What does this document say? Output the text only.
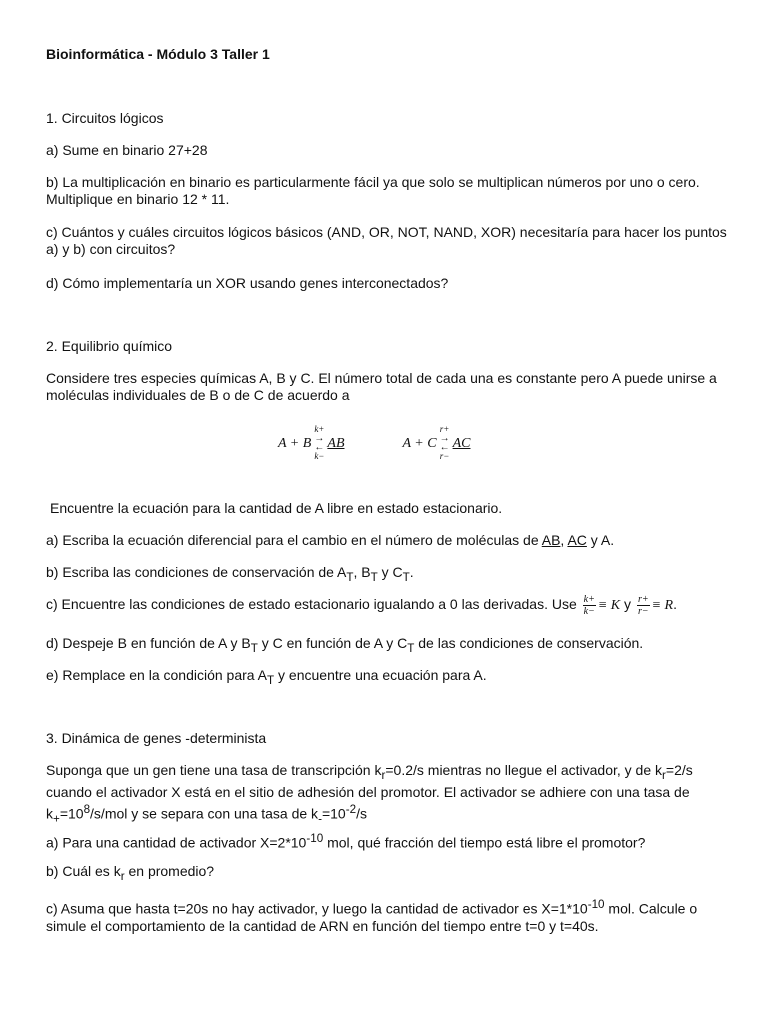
Bioinformática - Módulo 3 Taller 1

1. Circuitos lógicos

a) Sume en binario 27+28

b) La multiplicación en binario es particularmente fácil ya que solo se multiplican números por uno o cero. Multiplique en binario 12 * 11.

c) Cuántos y cuáles circuitos lógicos básicos (AND, OR, NOT, NAND, XOR) necesitaría para hacer los puntos a) y b) con circuitos?

d) Cómo implementaría un XOR usando genes interconectados?

2. Equilibrio químico

Considere tres especies químicas A, B y C. El número total de cada una es constante pero A puede unirse a moléculas individuales de B o de C de acuerdo a

A + B
k+
→
←
k−
AB	A + C
r+
→
←
r−
AC

Encuentre la ecuación para la cantidad de A libre en estado estacionario.

a) Escriba la ecuación diferencial para el cambio en el número de moléculas de AB, AC y A.

b) Escriba las condiciones de conservación de $A_T$, $B_T$ y $C_T$.

c) Encuentre las condiciones de estado estacionario igualando a 0 las derivadas. Use $\frac{k+}{k-} \equiv K$ y $\frac{r+}{r-} \equiv R$.

d) Despeje B en función de A y $B_T$ y C en función de A y $C_T$ de las condiciones de conservación.

e) Remplace en la condición para $A_T$ y encuentre una ecuación para A.

3. Dinámica de genes -determinista

Suponga que un gen tiene una tasa de transcripción $k_r=0.2/s$ mientras no llegue el activador, y de $k_r=2/s$ cuando el activador X está en el sitio de adhesión del promotor. El activador se adhiere con una tasa de $k_+=10^8/s$/mol y se separa con una tasa de $k_-=10^{-2}/s$

a) Para una cantidad de activador $X=2*10^{-10}$ mol, qué fracción del tiempo está libre el promotor?

b) Cuál es $k_r$ en promedio?

c) Asuma que hasta t=20s no hay activador, y luego la cantidad de activador es $X=1*10^{-10}$ mol. Calcule o simule el comportamiento de la cantidad de ARN en función del tiempo entre t=0 y t=40s.
